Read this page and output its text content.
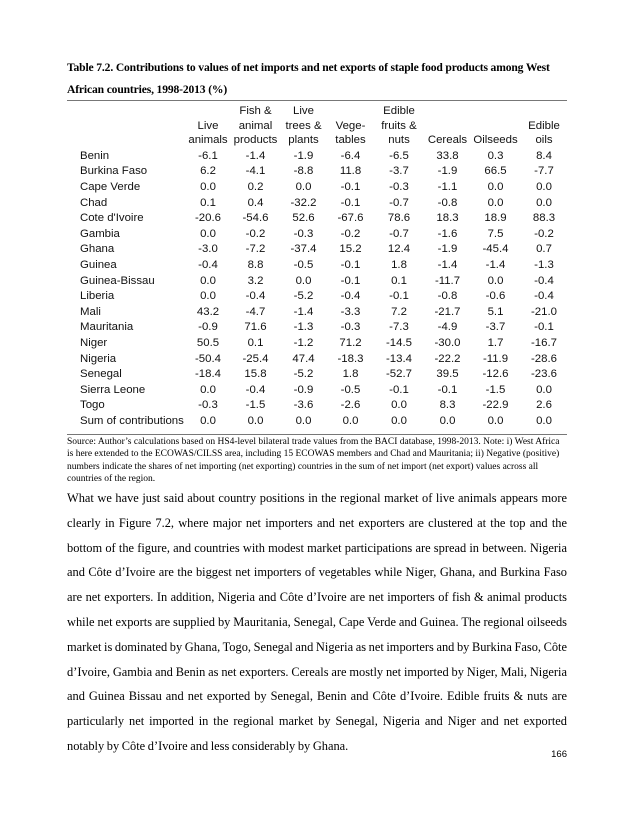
Table 7.2. Contributions to values of net imports and net exports of staple food products among West African countries, 1998-2013 (%)
	Live animals	Fish & animal products	Live trees & plants	Vege- tables	Edible fruits & nuts	Cereals	Oilseeds	Edible oils
Benin	-6.1	-1.4	-1.9	-6.4	-6.5	33.8	0.3	8.4
Burkina Faso	6.2	-4.1	-8.8	11.8	-3.7	-1.9	66.5	-7.7
Cape Verde	0.0	0.2	0.0	-0.1	-0.3	-1.1	0.0	0.0
Chad	0.1	0.4	-32.2	-0.1	-0.7	-0.8	0.0	0.0
Cote d'Ivoire	-20.6	-54.6	52.6	-67.6	78.6	18.3	18.9	88.3
Gambia	0.0	-0.2	-0.3	-0.2	-0.7	-1.6	7.5	-0.2
Ghana	-3.0	-7.2	-37.4	15.2	12.4	-1.9	-45.4	0.7
Guinea	-0.4	8.8	-0.5	-0.1	1.8	-1.4	-1.4	-1.3
Guinea-Bissau	0.0	3.2	0.0	-0.1	0.1	-11.7	0.0	-0.4
Liberia	0.0	-0.4	-5.2	-0.4	-0.1	-0.8	-0.6	-0.4
Mali	43.2	-4.7	-1.4	-3.3	7.2	-21.7	5.1	-21.0
Mauritania	-0.9	71.6	-1.3	-0.3	-7.3	-4.9	-3.7	-0.1
Niger	50.5	0.1	-1.2	71.2	-14.5	-30.0	1.7	-16.7
Nigeria	-50.4	-25.4	47.4	-18.3	-13.4	-22.2	-11.9	-28.6
Senegal	-18.4	15.8	-5.2	1.8	-52.7	39.5	-12.6	-23.6
Sierra Leone	0.0	-0.4	-0.9	-0.5	-0.1	-0.1	-1.5	0.0
Togo	-0.3	-1.5	-3.6	-2.6	0.0	8.3	-22.9	2.6
Sum of contributions	0.0	0.0	0.0	0.0	0.0	0.0	0.0	0.0
Source: Author’s calculations based on HS4-level bilateral trade values from the BACI database, 1998-2013. Note: i) West Africa is here extended to the ECOWAS/CILSS area, including 15 ECOWAS members and Chad and Mauritania; ii) Negative (positive) numbers indicate the shares of net importing (net exporting) countries in the sum of net import (net export) values across all countries of the region.
What we have just said about country positions in the regional market of live animals appears more clearly in Figure 7.2, where major net importers and net exporters are clustered at the top and the bottom of the figure, and countries with modest market participations are spread in between. Nigeria and Côte d’Ivoire are the biggest net importers of vegetables while Niger, Ghana, and Burkina Faso are net exporters. In addition, Nigeria and Côte d’Ivoire are net importers of fish & animal products while net exports are supplied by Mauritania, Senegal, Cape Verde and Guinea. The regional oilseeds market is dominated by Ghana, Togo, Senegal and Nigeria as net importers and by Burkina Faso, Côte d’Ivoire, Gambia and Benin as net exporters. Cereals are mostly net imported by Niger, Mali, Nigeria and Guinea Bissau and net exported by Senegal, Benin and Côte d’Ivoire. Edible fruits & nuts are particularly net imported in the regional market by Senegal, Nigeria and Niger and net exported notably by Côte d’Ivoire and less considerably by Ghana.
166
